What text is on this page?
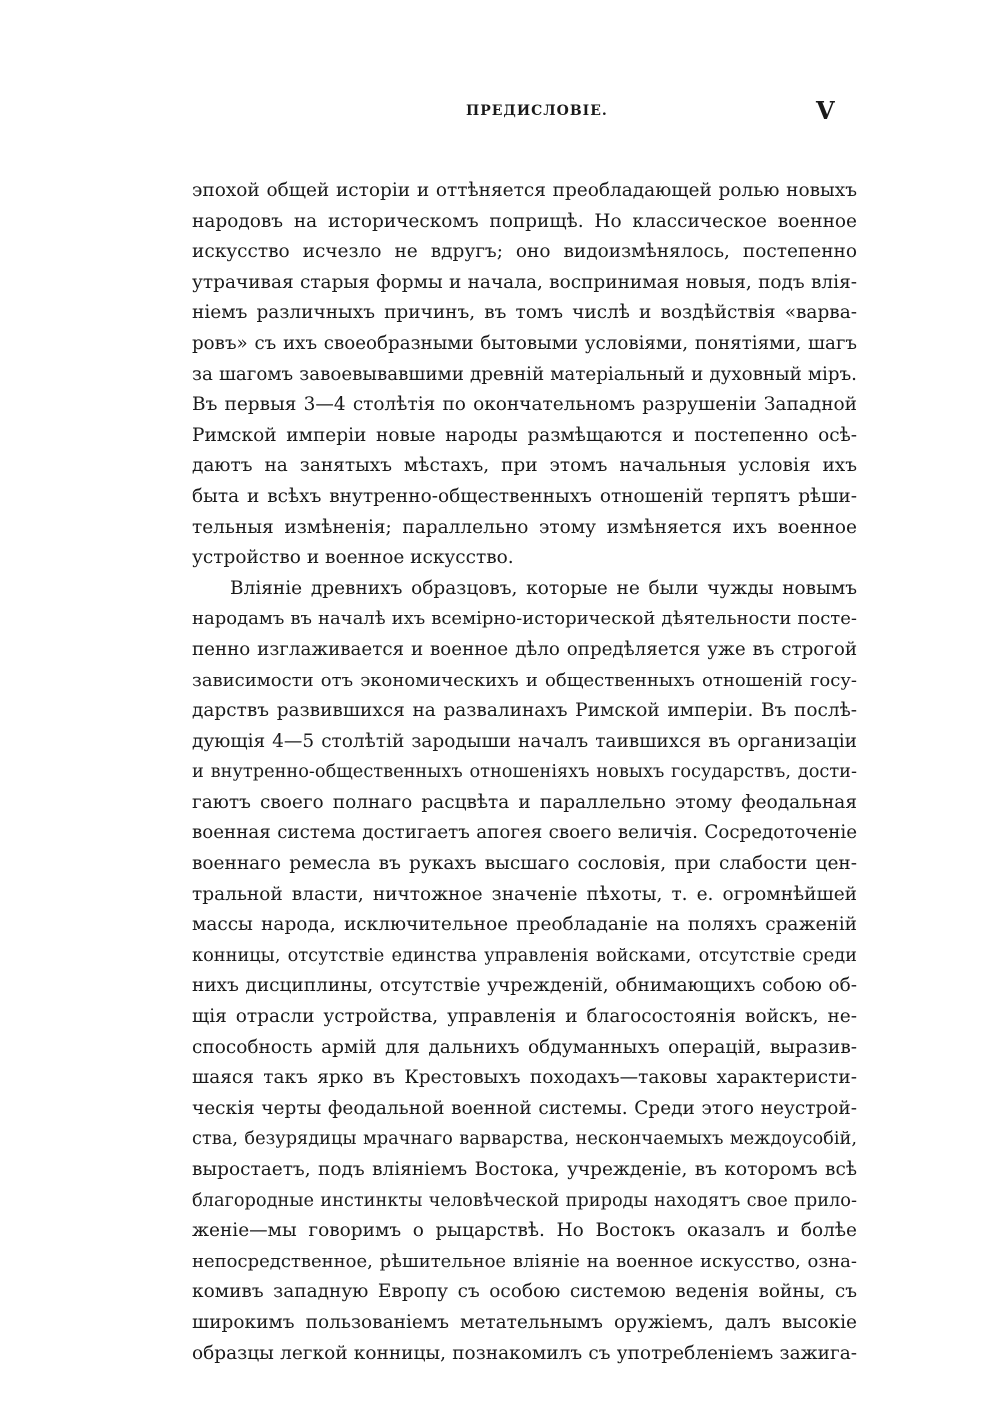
ПРЕДИСЛОВІЕ.	V
эпохой общей исторіи и оттѣняется преобладающей ролью новыхъ
народовъ на историческомъ поприщѣ. Но классическое военное
искусство исчезло не вдругъ; оно видоизмѣнялось, постепенно
утрачивая старыя формы и начала, воспринимая новыя, подъ влія-
ніемъ различныхъ причинъ, въ томъ числѣ и воздѣйствія «варва-
ровъ» съ ихъ своеобразными бытовыми условіями, понятіями, шагъ
за шагомъ завоевывавшими древній матеріальный и духовный міръ.
Въ первыя 3—4 столѣтія по окончательномъ разрушеніи Западной
Римской имперіи новые народы размѣщаются и постепенно осѣ-
даютъ на занятыхъ мѣстахъ, при этомъ начальныя условія ихъ
быта и всѣхъ внутренно-общественныхъ отношеній терпятъ рѣши-
тельныя измѣненія; параллельно этому измѣняется ихъ военное
устройство и военное искусство.
Вліяніе древнихъ образцовъ, которые не были чужды новымъ
народамъ въ началѣ ихъ всемірно-исторической дѣятельности посте-
пенно изглаживается и военное дѣло опредѣляется уже въ строгой
зависимости отъ экономическихъ и общественныхъ отношеній госу-
дарствъ развившихся на развалинахъ Римской имперіи. Въ послѣ-
дующія 4—5 столѣтій зародыши началъ таившихся въ организаціи
и внутренно-общественныхъ отношеніяхъ новыхъ государствъ, дости-
гаютъ своего полнаго расцвѣта и параллельно этому феодальная
военная система достигаетъ апогея своего величія. Сосредоточеніе
военнаго ремесла въ рукахъ высшаго сословія, при слабости цен-
тральной власти, ничтожное значеніе пѣхоты, т. е. огромнѣйшей
массы народа, исключительное преобладаніе на поляхъ сраженій
конницы, отсутствіе единства управленія войсками, отсутствіе среди
нихъ дисциплины, отсутствіе учрежденій, обнимающихъ собою об-
щія отрасли устройства, управленія и благосостоянія войскъ, не-
способность армій для дальнихъ обдуманныхъ операцій, выразив-
шаяся такъ ярко въ Крестовыхъ походахъ—таковы характеристи-
ческія черты феодальной военной системы. Среди этого неустрой-
ства, безурядицы мрачнаго варварства, нескончаемыхъ междоусобій,
выростаетъ, подъ вліяніемъ Востока, учрежденіе, въ которомъ всѣ
благородные инстинкты человѣческой природы находятъ свое прило-
женіе—мы говоримъ о рыцарствѣ. Но Востокъ оказалъ и болѣе
непосредственное, рѣшительное вліяніе на военное искусство, озна-
комивъ западную Европу съ особою системою веденія войны, съ
широкимъ пользованіемъ метательнымъ оружіемъ, далъ высокіе
образцы легкой конницы, познакомилъ съ употребленіемъ зажига-
